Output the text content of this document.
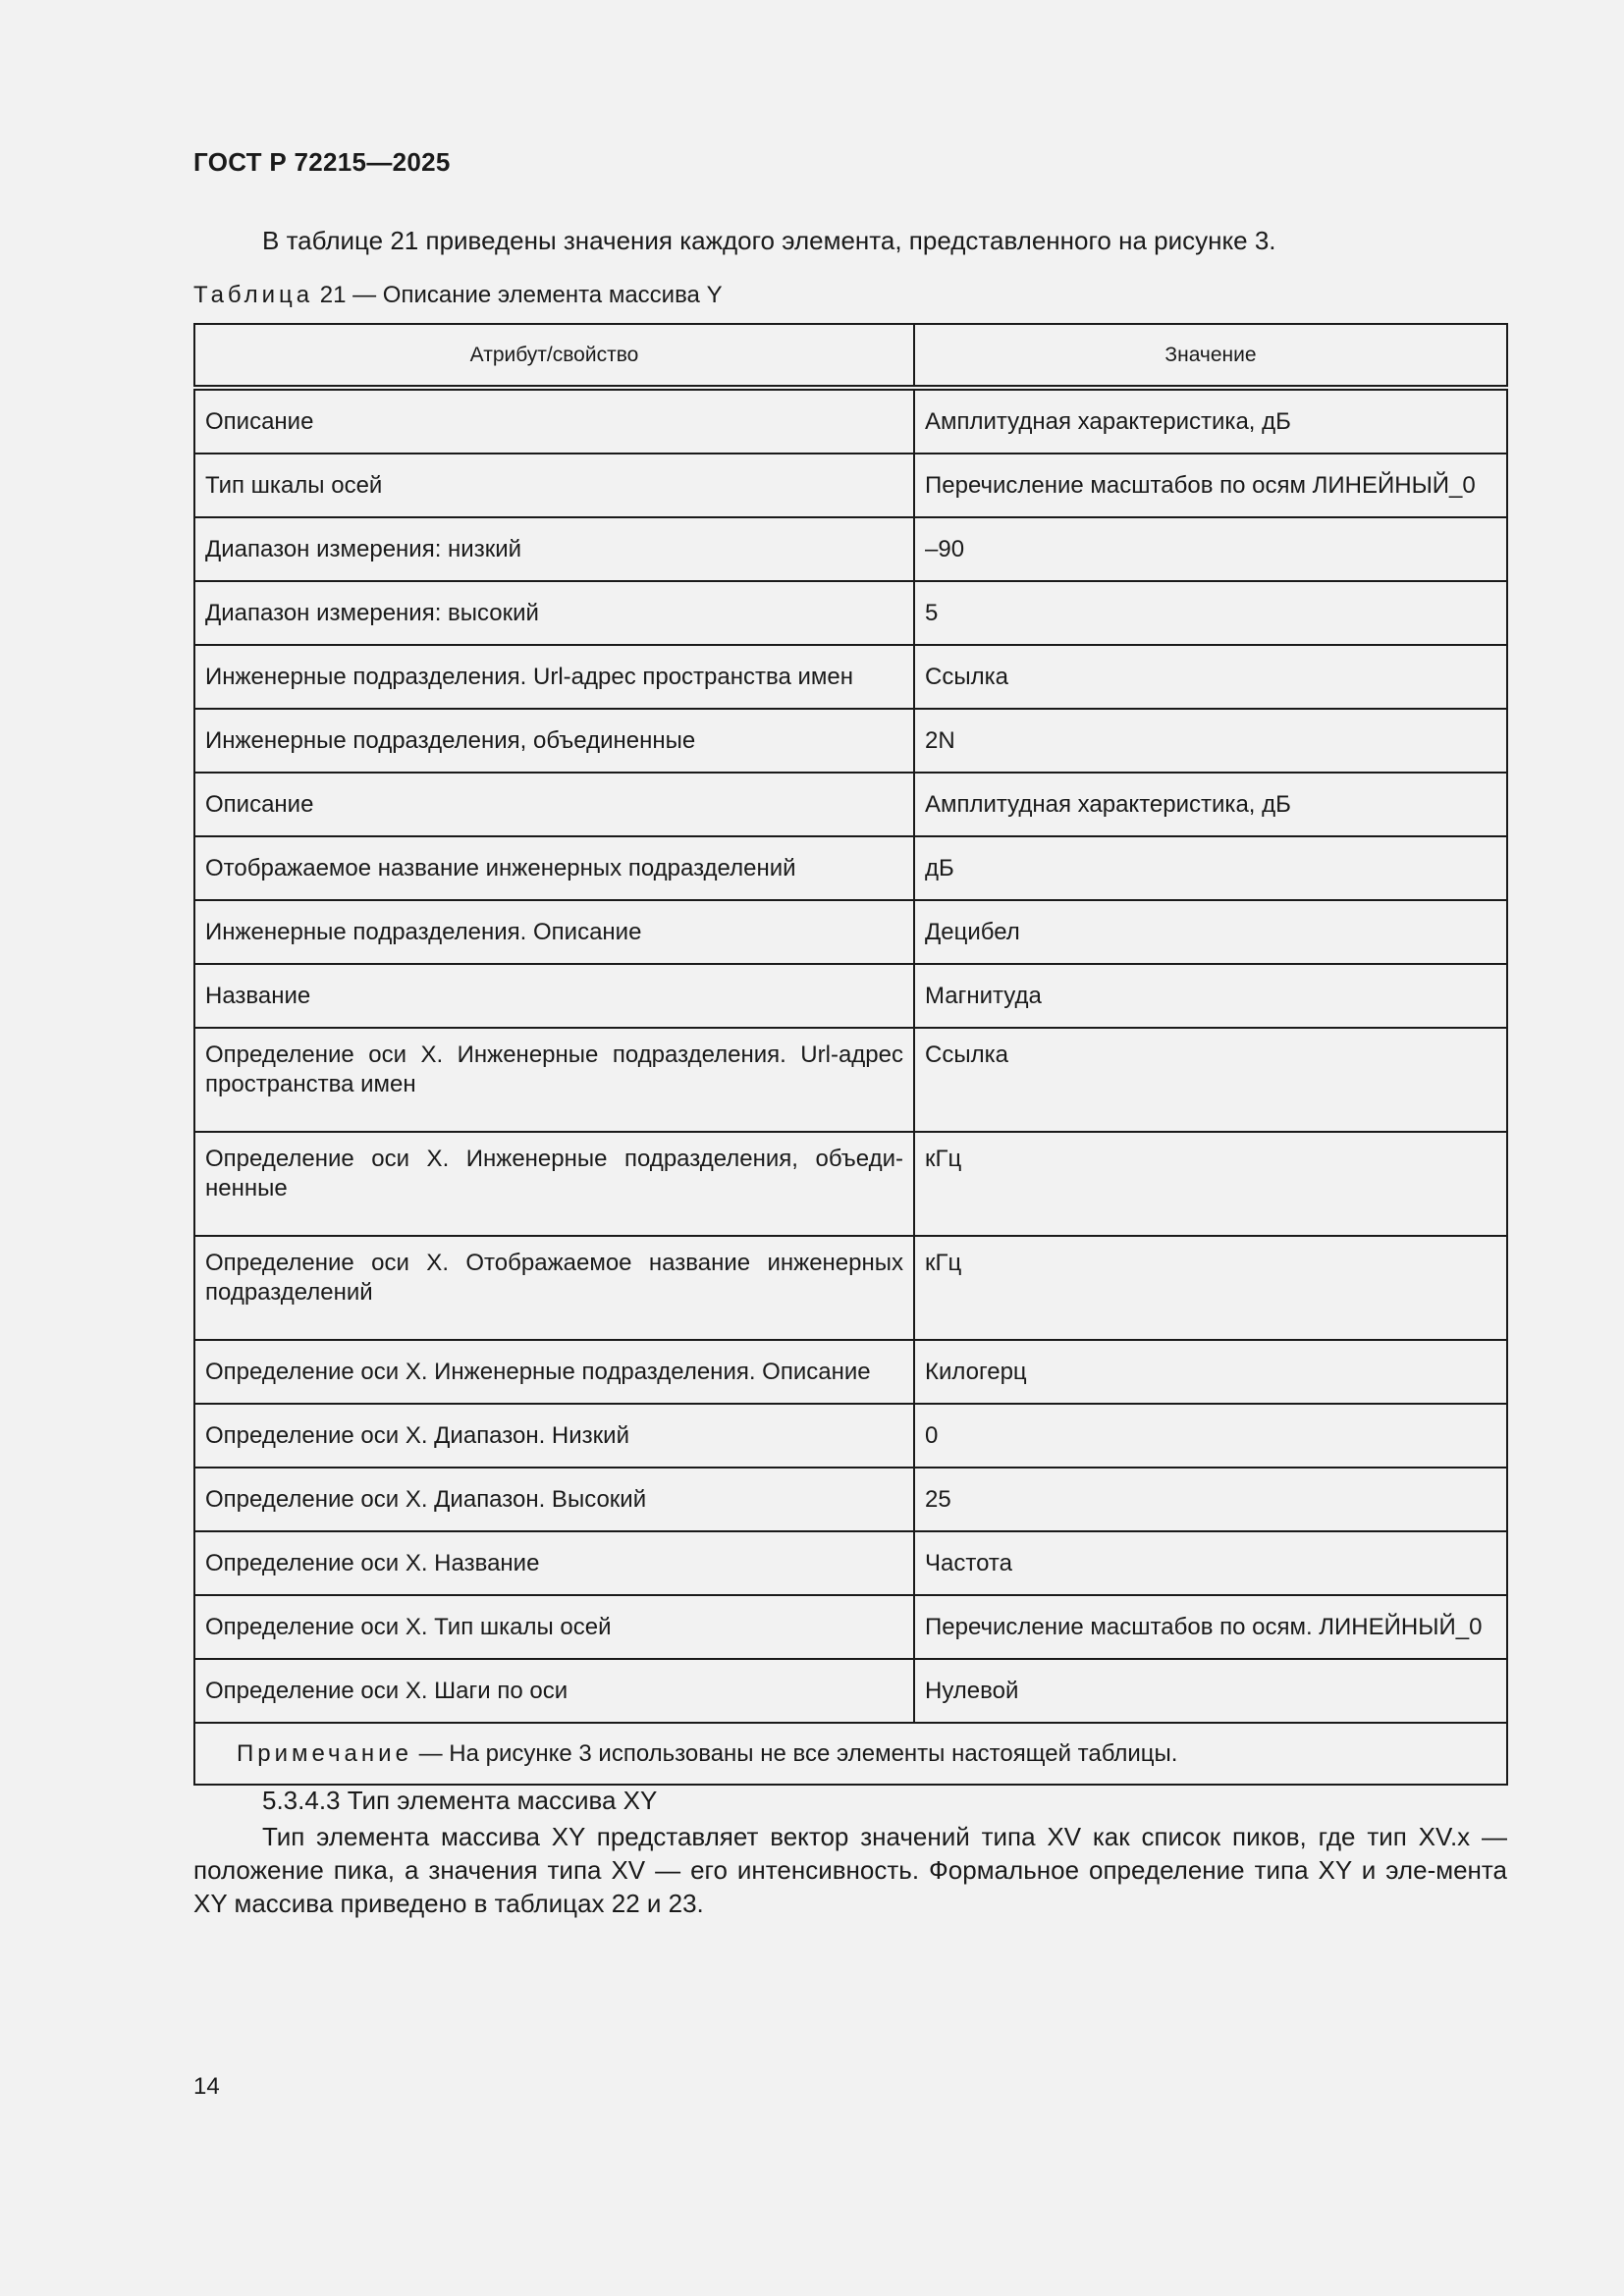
ГОСТ Р 72215—2025
В таблице 21 приведены значения каждого элемента, представленного на рисунке 3.
Таблица 21 — Описание элемента массива Y
Атрибут/свойство	Значение
Описание	Амплитудная характеристика, дБ
Тип шкалы осей	Перечисление масштабов по осям ЛИНЕЙНЫЙ_0
Диапазон измерения: низкий	–90
Диапазон измерения: высокий	5
Инженерные подразделения. Url-адрес пространства имен	Ссылка
Инженерные подразделения, объединенные	2N
Описание	Амплитудная характеристика, дБ
Отображаемое название инженерных подразделений	дБ
Инженерные подразделения. Описание	Децибел
Название	Магнитуда
Определение оси X. Инженерные подразделения. Url-адрес пространства имен	Ссылка
Определение оси X. Инженерные подразделения, объеди-ненные	кГц
Определение оси X. Отображаемое название инженерных подразделений	кГц
Определение оси X. Инженерные подразделения. Описание	Килогерц
Определение оси X. Диапазон. Низкий	0
Определение оси X. Диапазон. Высокий	25
Определение оси X. Название	Частота
Определение оси X. Тип шкалы осей	Перечисление масштабов по осям. ЛИНЕЙНЫЙ_0
Определение оси X. Шаги по оси	Нулевой
Примечание — На рисунке 3 использованы не все элементы настоящей таблицы.	
5.3.4.3 Тип элемента массива XY
Тип элемента массива XY представляет вектор значений типа XV как список пиков, где тип XV.x — положение пика, а значения типа XV — его интенсивность. Формальное определение типа XY и эле-мента XY массива приведено в таблицах 22 и 23.
14
